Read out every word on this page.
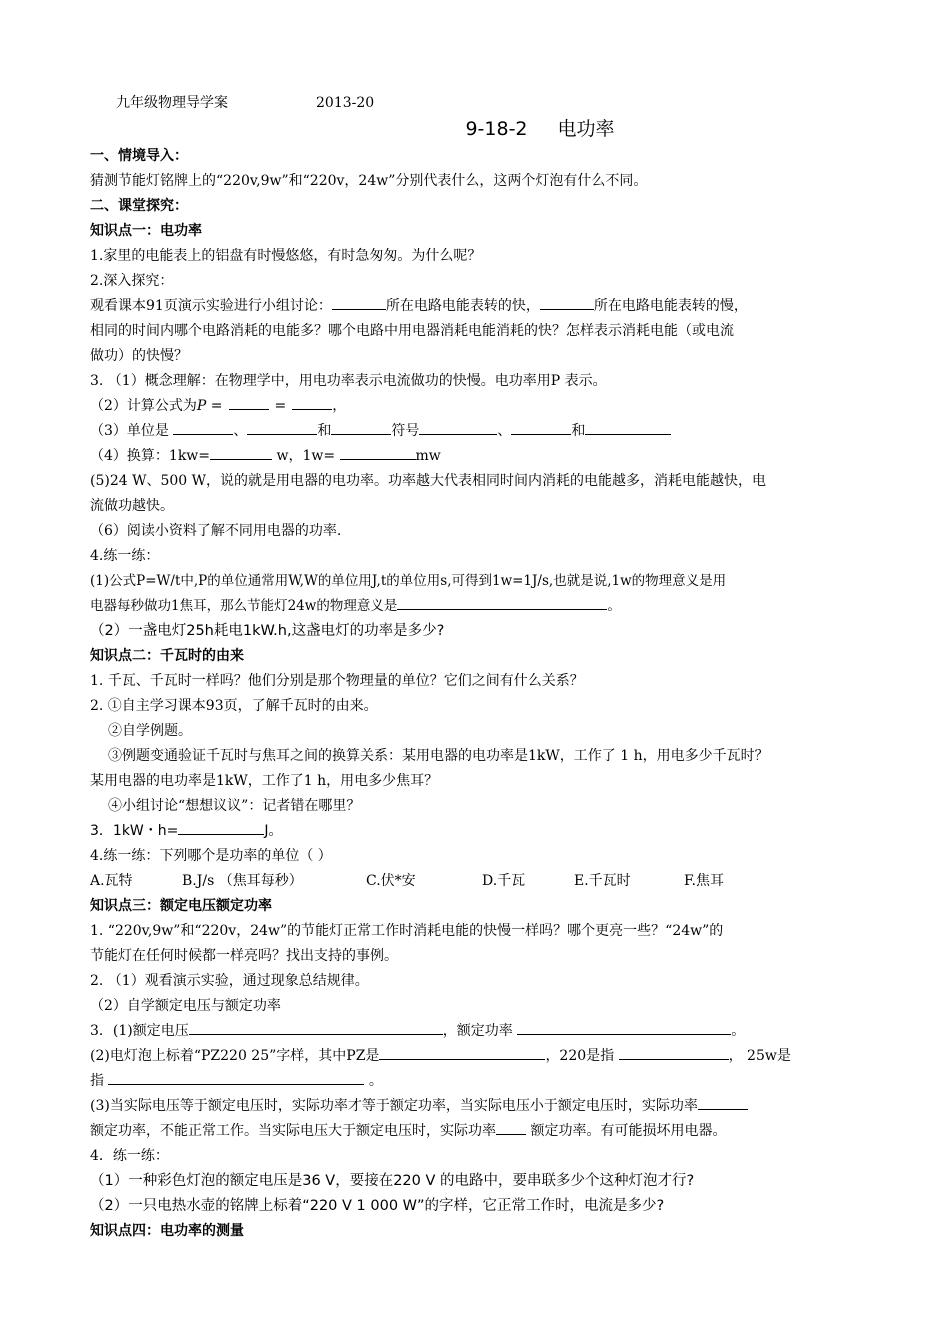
九年级物理导学案	2013-20
9-18-2 电功率
一、情境导入：
猜测节能灯铭牌上的“220v,9w”和“220v，24w”分别代表什么，这两个灯泡有什么不同。
二、课堂探究：
知识点一：电功率
1.家里的电能表上的铝盘有时慢悠悠，有时急匆匆。为什么呢？
2.深入探究：
观看课本91页演示实验进行小组讨论：	所在电路电能表转的快，	所在电路电能表转的慢，
相同的时间内哪个电路消耗的电能多？哪个电路中用电器消耗电能消耗的快？怎样表示消耗电能（或电流
做功）的快慢？
3. （1）概念理解：在物理学中，用电功率表示电流做功的快慢。电功率用P 表示。
（2）计算公式为P =	=	，
（3）单位是	、	和	符号	、	和
（4）换算：1kw=	w，1w=	mw
(5)24 W、500 W，说的就是用电器的电功率。功率越大代表相同时间内消耗的电能越多，消耗电能越快，电
流做功越快。
（6）阅读小资料了解不同用电器的功率.
4.练一练：
(1)公式P=W/t中,P的单位通常用W,W的单位用J,t的单位用s,可得到1w=1J/s,也就是说,1w的物理意义是用
电器每秒做功1焦耳，那么节能灯24w的物理意义是	。
（2）一盏电灯25h耗电1kW.h,这盏电灯的功率是多少?
知识点二：千瓦时的由来
1. 千瓦、千瓦时一样吗？他们分别是那个物理量的单位？它们之间有什么关系？
2. ①自主学习课本93页，了解千瓦时的由来。
②自学例题。
③例题变通验证千瓦时与焦耳之间的换算关系：某用电器的电功率是1kW，工作了 1 h，用电多少千瓦时？
某用电器的电功率是1kW，工作了1 h，用电多少焦耳？
④小组讨论“想想议议”：记者错在哪里？
3．1kW・h=	J。
4.练一练：下列哪个是功率的单位（ ）
A.瓦特	B.J/s （焦耳每秒）	C.伏*安	D.千瓦	E.千瓦时	F.焦耳
知识点三：额定电压额定功率
1. “220v,9w”和“220v，24w”的节能灯正常工作时消耗电能的快慢一样吗？哪个更亮一些？“24w”的
节能灯在任何时候都一样亮吗？找出支持的事例。
2. （1）观看演示实验，通过现象总结规律。
（2）自学额定电压与额定功率
3．(1)额定电压	，额定功率	。
(2)电灯泡上标着“PZ220 25”字样，其中PZ是	，220是指	， 25w是
指	。
(3)当实际电压等于额定电压时，实际功率才等于额定功率，当实际电压小于额定电压时，实际功率
额定功率，不能正常工作。当实际电压大于额定电压时，实际功率 额定功率。有可能损坏用电器。
4．练一练：
（1）一种彩色灯泡的额定电压是36 V，要接在220 V 的电路中，要串联多少个这种灯泡才行?
（2）一只电热水壶的铭牌上标着“220 V 1 000 W”的字样，它正常工作时，电流是多少?
知识点四：电功率的测量
